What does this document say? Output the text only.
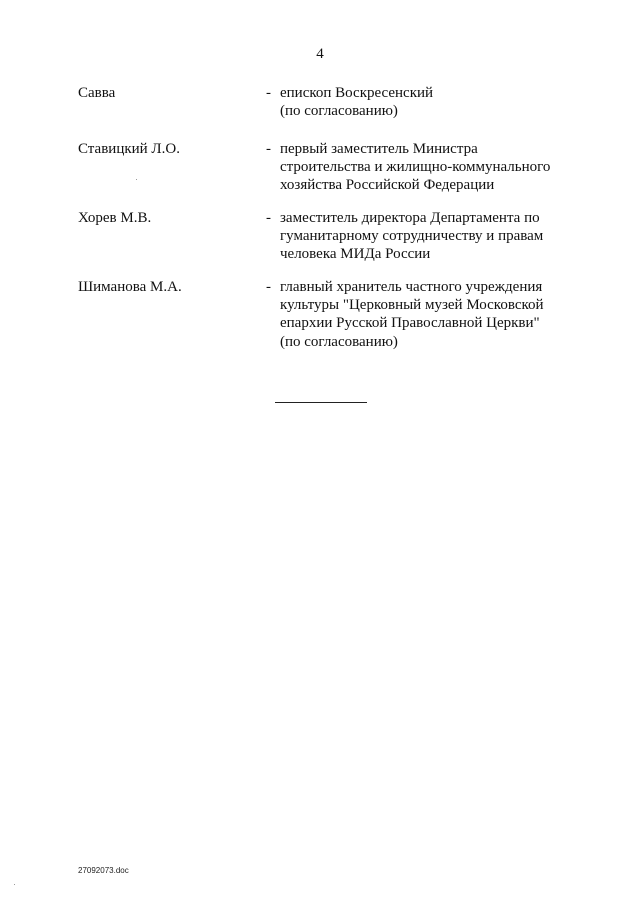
4
Савва	- епископ Воскресенский
(по согласованию)
Ставицкий Л.О.	- первый заместитель Министра
строительства и жилищно-коммунального
хозяйства Российской Федерации
Хорев М.В.	- заместитель директора Департамента по
гуманитарному сотрудничеству и правам
человека МИДа России
Шиманова М.А.	- главный хранитель частного учреждения
культуры "Церковный музей Московской
епархии Русской Православной Церкви"
(по согласованию)
27092073.doc
